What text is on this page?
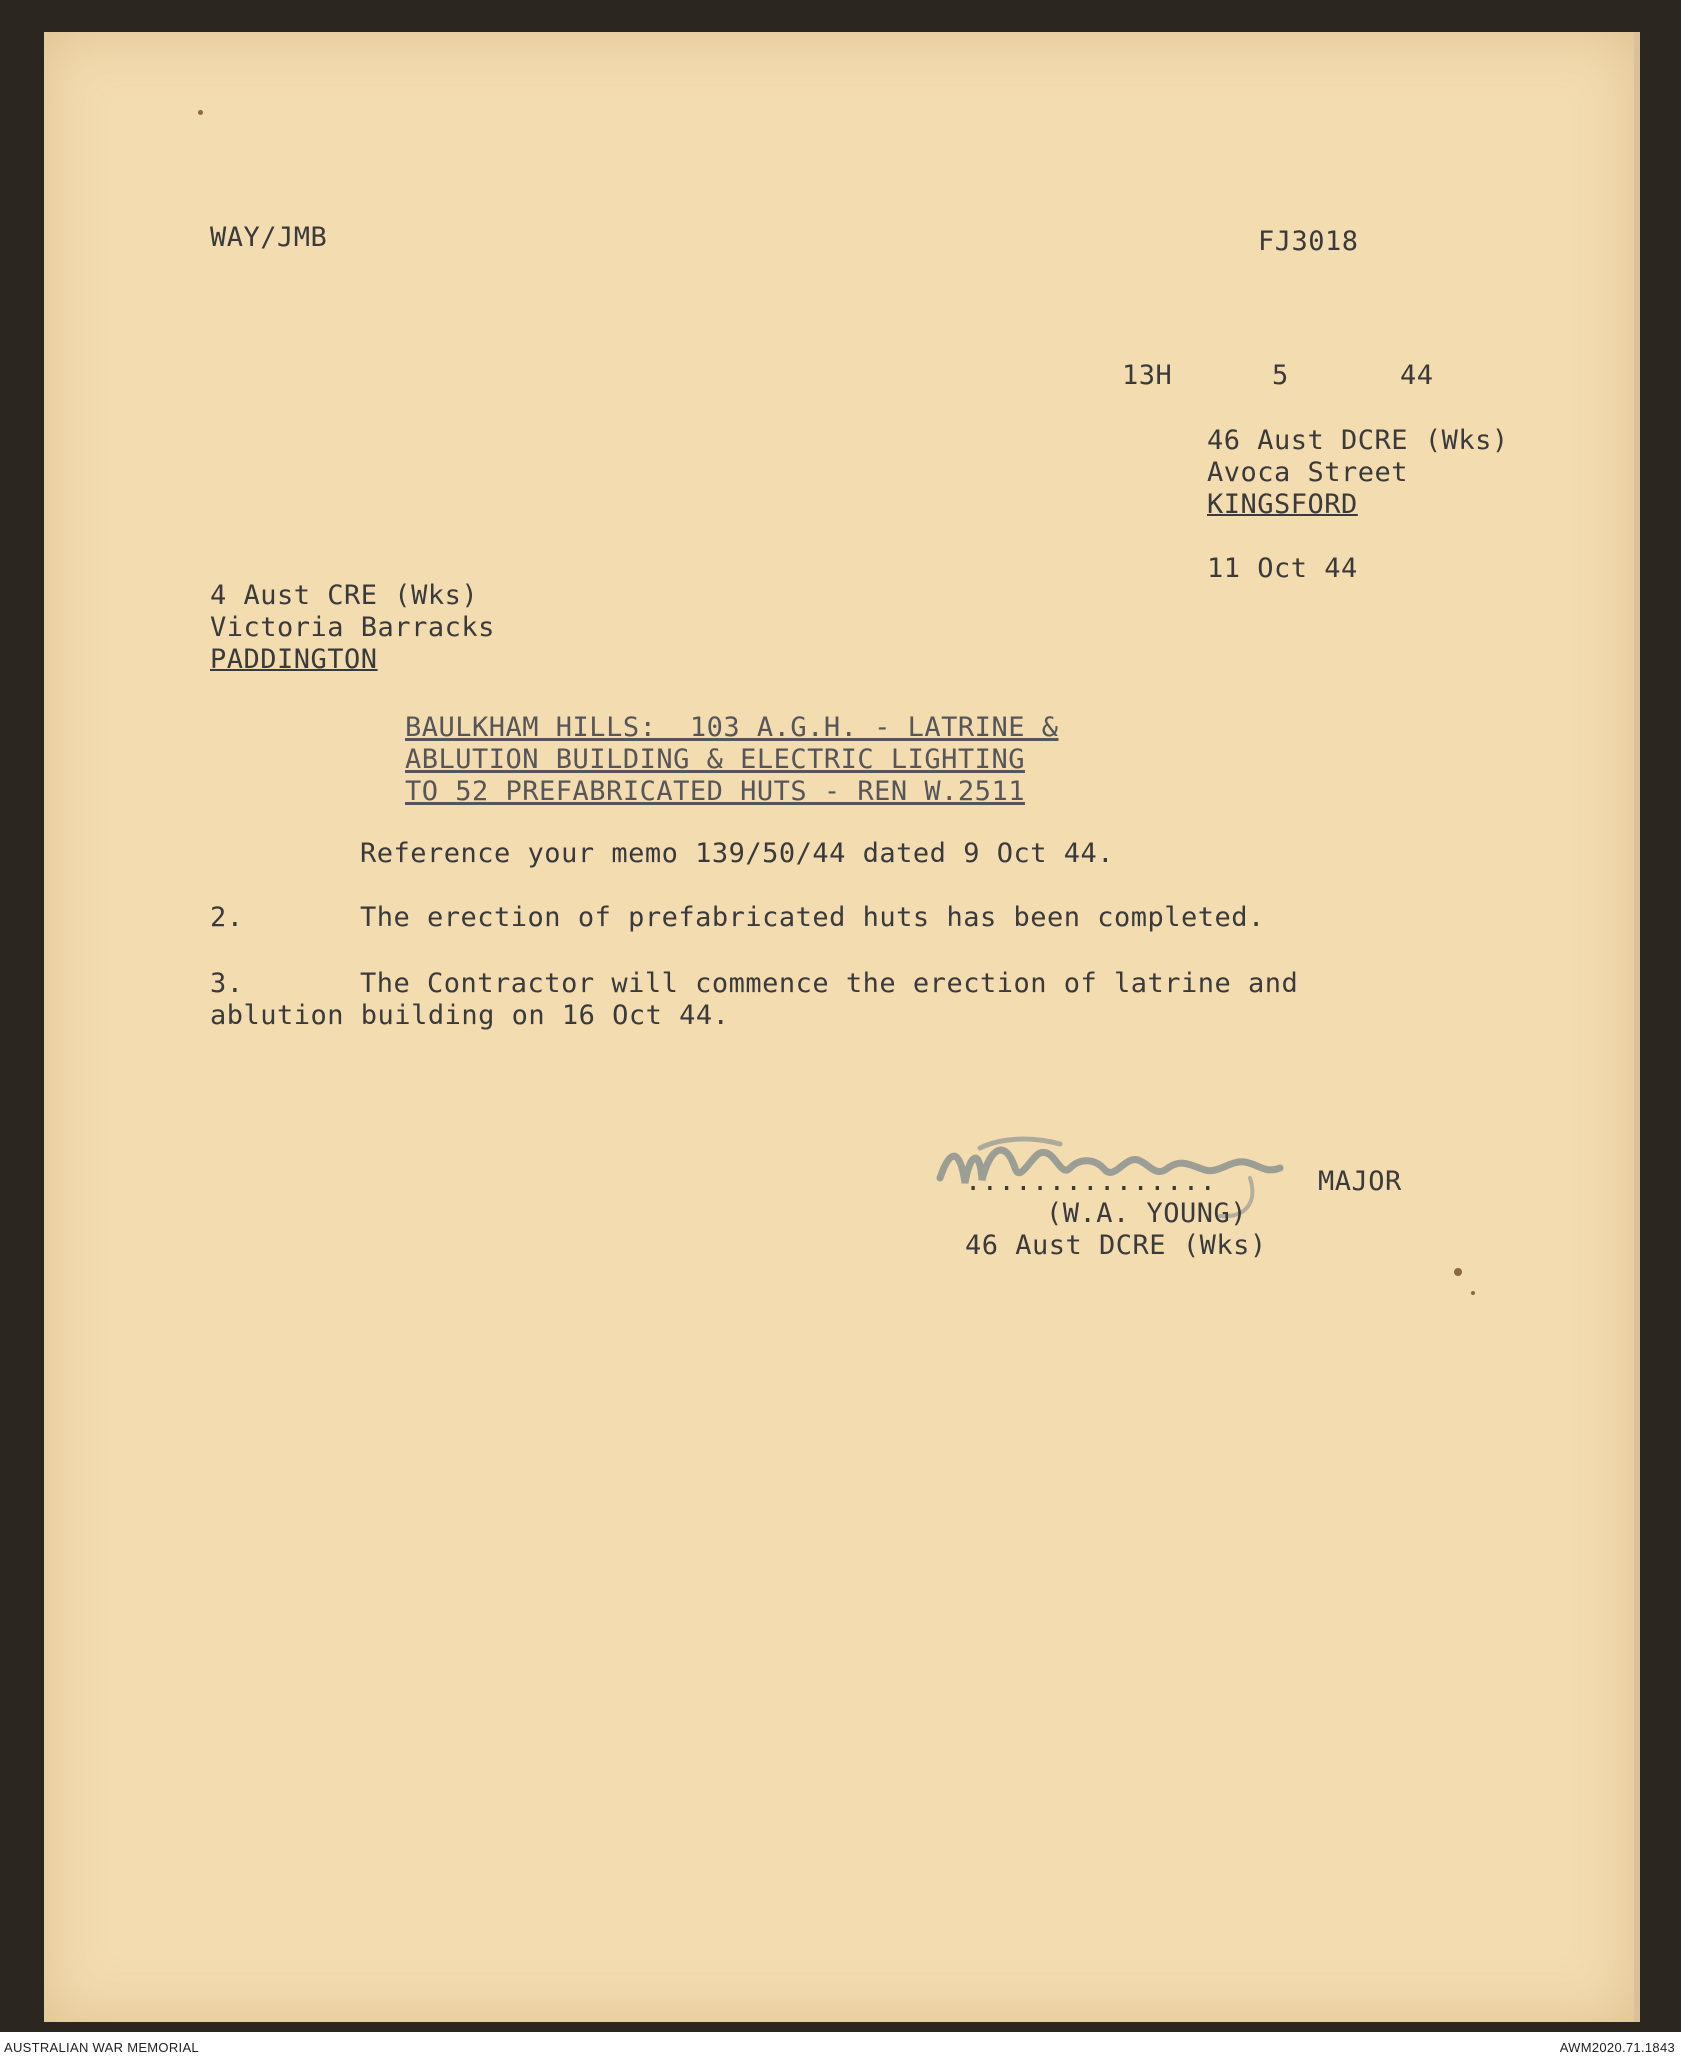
WAY/JMB	FJ3018
13H	5	44
46 Aust DCRE (Wks)
Avoca Street
KINGSFORD
11 Oct 44
4 Aust CRE (Wks)
Victoria Barracks
PADDINGTON
BAULKHAM HILLS:  103 A.G.H. - LATRINE &
ABLUTION BUILDING & ELECTRIC LIGHTING
TO 52 PREFABRICATED HUTS - REN W.2511
Reference your memo 139/50/44 dated 9 Oct 44.
2.	The erection of prefabricated huts has been completed.
3.	The Contractor will commence the erection of latrine and
ablution building on 16 Oct 44.
...............	MAJOR
(W.A. YOUNG)
46 Aust DCRE (Wks)
AUSTRALIAN WAR MEMORIAL	AWM2020.71.1843
